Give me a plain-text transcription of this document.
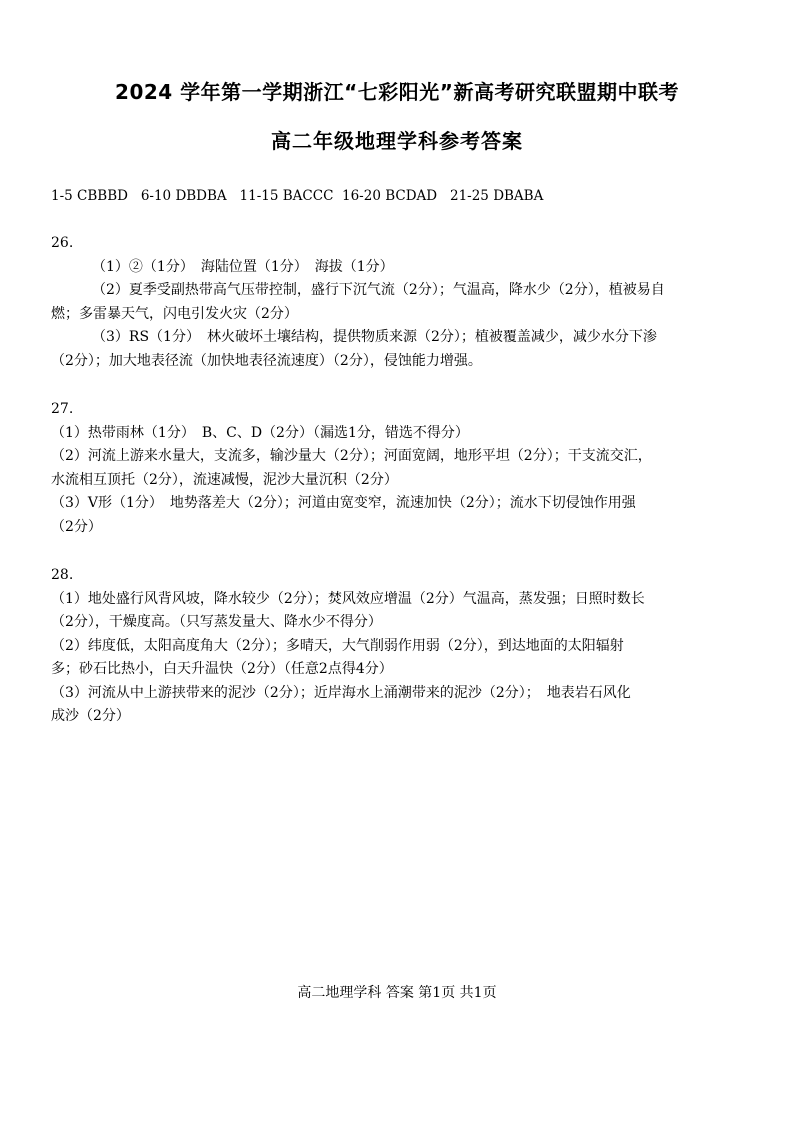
2024 学年第一学期浙江“七彩阳光”新高考研究联盟期中联考
高二年级地理学科参考答案
1-5 CBBBD   6-10 DBDBA   11-15 BACCC  16-20 BCDAD   21-25 DBABA

26.

（1）②（1分）　海陆位置（1分）　海拔（1分）

（2）夏季受副热带高气压带控制，盛行下沉气流（2分）；气温高，降水少（2分），植被易自

燃；多雷暴天气，闪电引发火灾（2分）

（3）RS（1分）　林火破坏土壤结构，提供物质来源（2分）；植被覆盖减少，减少水分下渗

（2分）；加大地表径流（加快地表径流速度）（2分），侵蚀能力增强。

27.

（1）热带雨林（1分）　B、C、D（2分）（漏选1分，错选不得分）

（2）河流上游来水量大，支流多，输沙量大（2分）；河面宽阔，地形平坦（2分）；干支流交汇，

水流相互顶托（2分），流速减慢，泥沙大量沉积（2分）

（3）V形（1分）　地势落差大（2分）；河道由宽变窄，流速加快（2分）；流水下切侵蚀作用强

（2分）

28.

（1）地处盛行风背风坡，降水较少（2分）；焚风效应增温（2分）气温高，蒸发强；日照时数长

（2分），干燥度高。（只写蒸发量大、降水少不得分）

（2）纬度低，太阳高度角大（2分）；多晴天，大气削弱作用弱（2分），到达地面的太阳辐射

多；砂石比热小，白天升温快（2分）（任意2点得4分）

（3）河流从中上游挟带来的泥沙（2分）；近岸海水上涌潮带来的泥沙（2分）；　地表岩石风化

成沙（2分）

高二地理学科 答案 第1页 共1页
